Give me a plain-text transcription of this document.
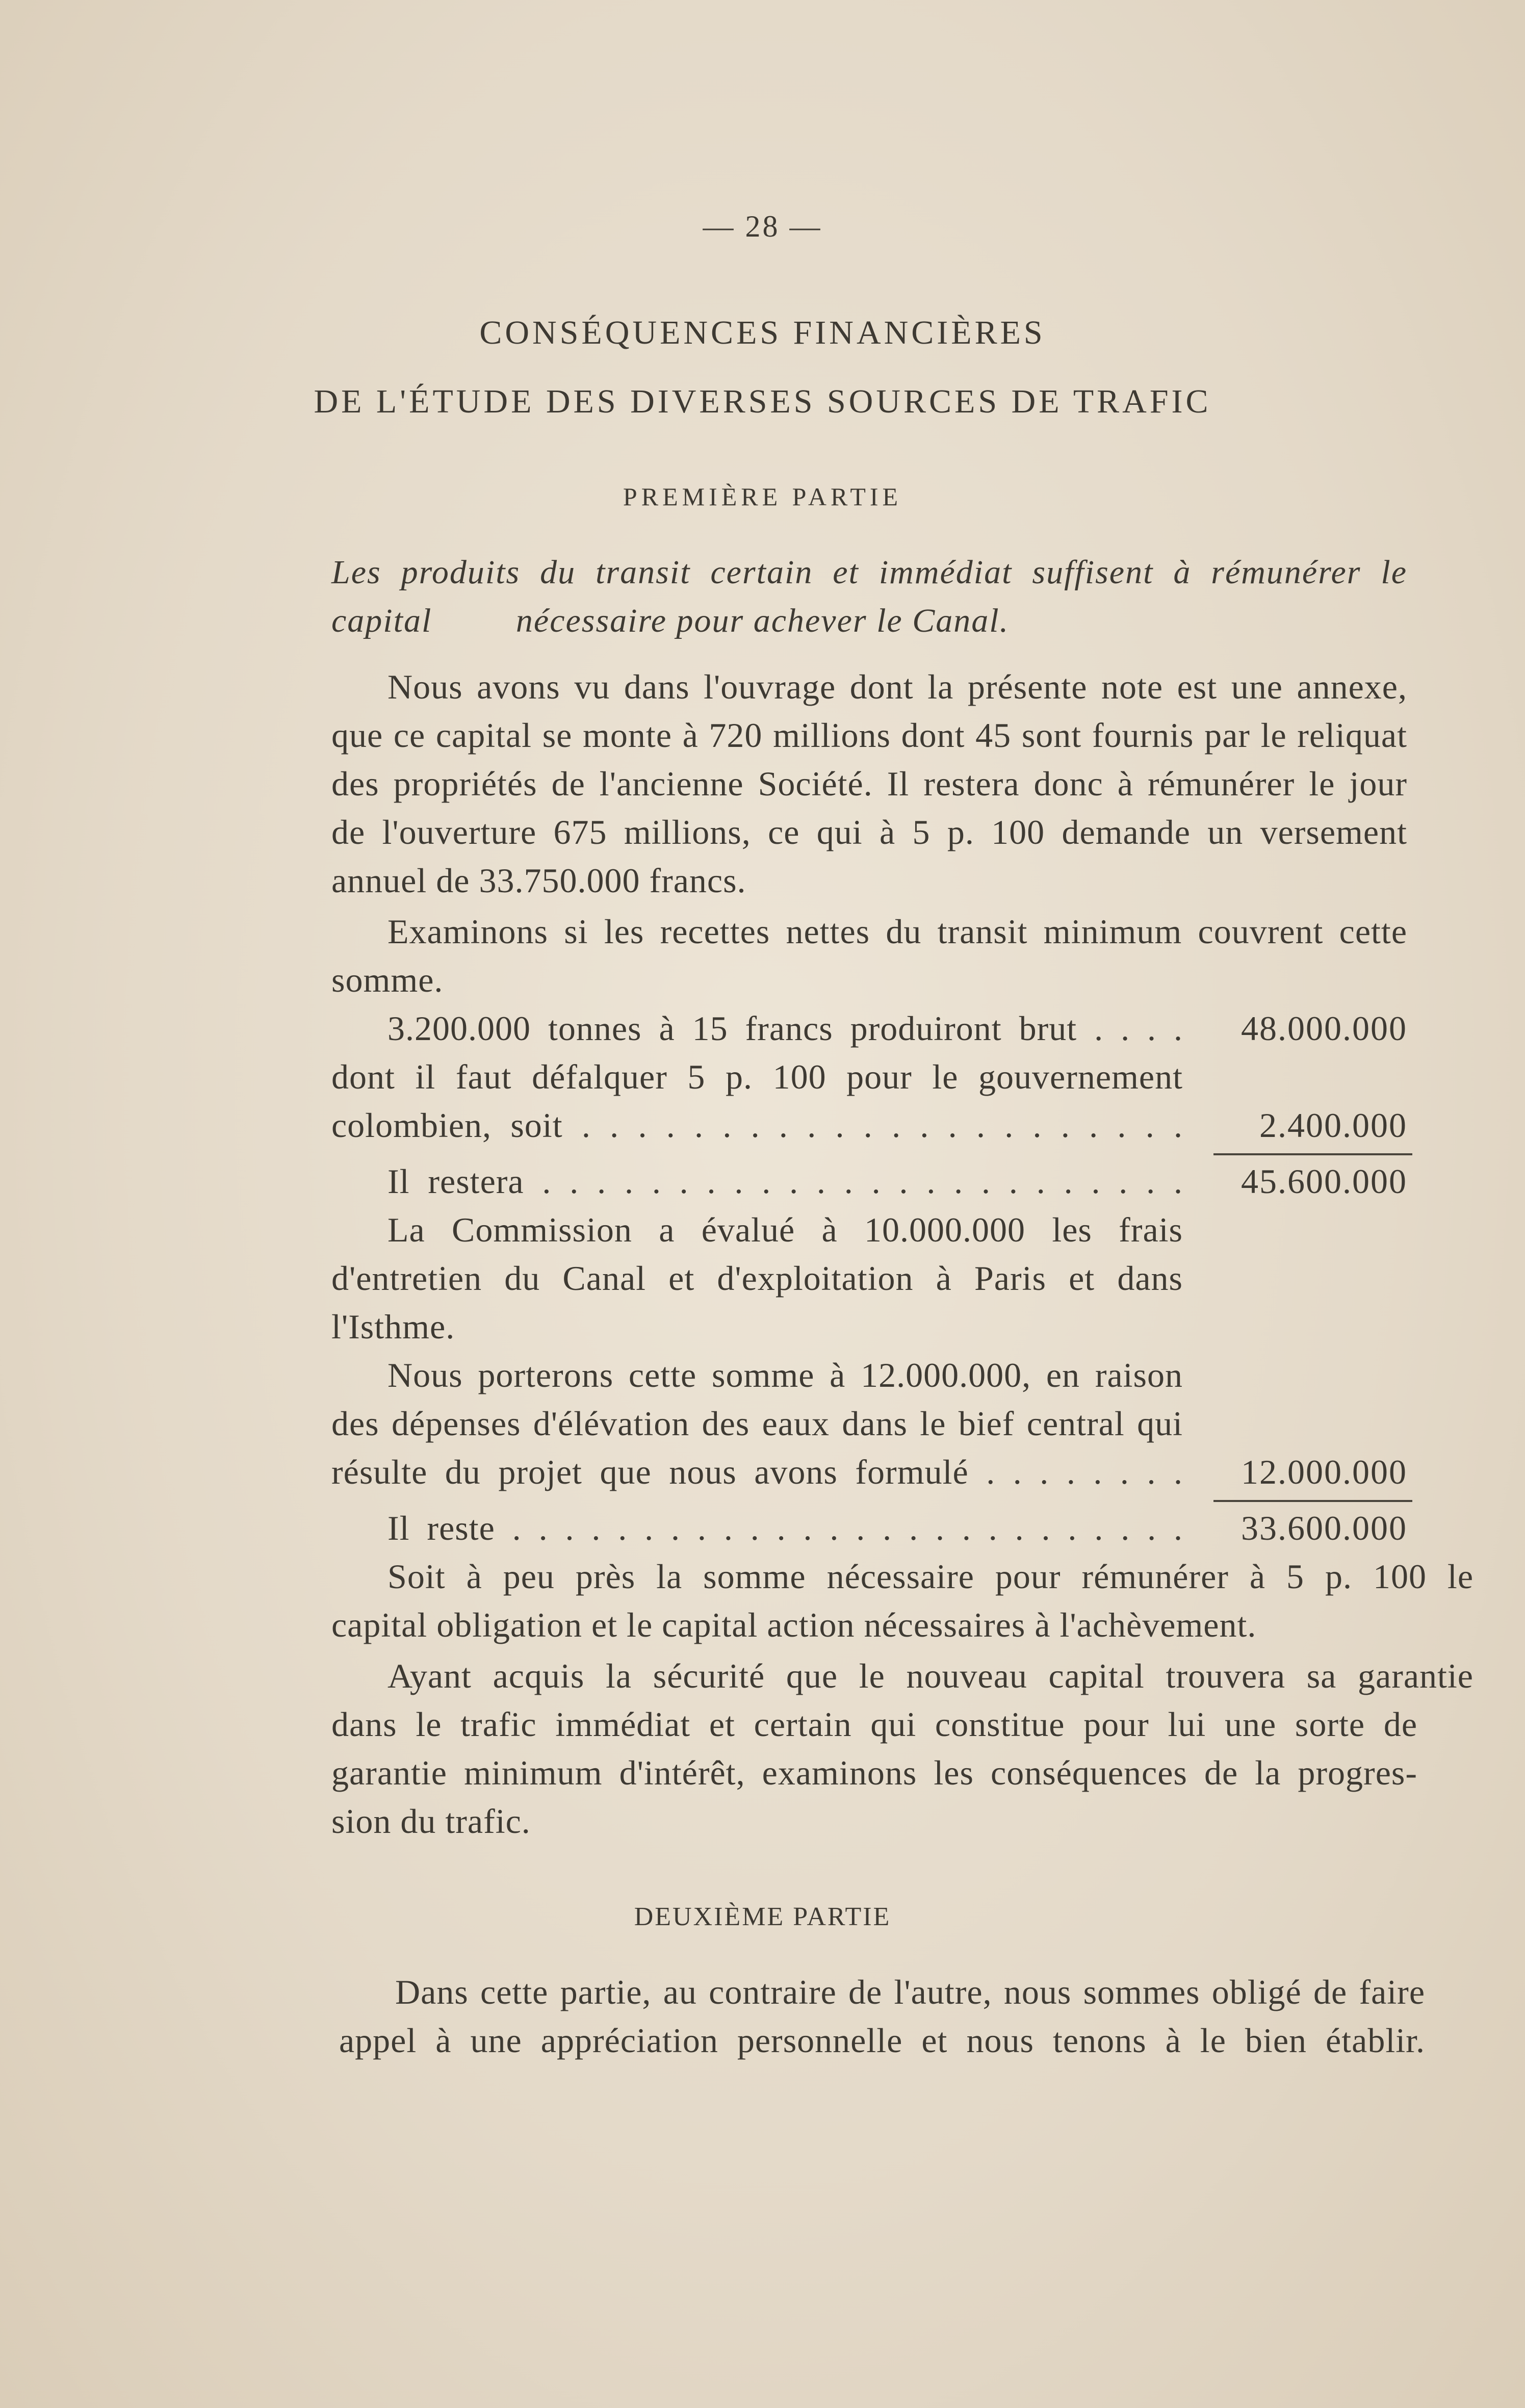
— 28 —
CONSÉQUENCES FINANCIÈRES
DE L'ÉTUDE DES DIVERSES SOURCES DE TRAFIC
PREMIÈRE PARTIE
Les produits du transit certain et immédiat suffisent à rémunérer le capital	nécessaire pour achever le Canal.
Nous avons vu dans l'ouvrage dont la présente note est une annexe,
que ce capital se monte à 720 millions dont 45 sont fournis par le reliquat
des propriétés de l'ancienne Société. Il restera donc à rémunérer le jour
de l'ouverture 675 millions, ce qui à 5 p. 100 demande un versement
annuel de 33.750.000 francs.
Examinons si les recettes nettes du transit minimum couvrent cette
somme.
3.200.000 tonnes à 15 francs produiront brut . . . .	48.000.000
dont il faut défalquer 5 p. 100 pour le gouvernement
colombien, soit . . . . . . . . . . . . . . . . . . . . . .	2.400.000
Il restera . . . . . . . . . . . . . . . . . . . . . . . .	45.600.000
La Commission a évalué à 10.000.000 les frais
d'entretien du Canal et d'exploitation à Paris et dans
l'Isthme.
Nous porterons cette somme à 12.000.000, en raison
des dépenses d'élévation des eaux dans le bief central qui
résulte du projet que nous avons formulé . . . . . . . .	12.000.000
Il reste . . . . . . . . . . . . . . . . . . . . . . . . . .	33.600.000
Soit à peu près la somme nécessaire pour rémunérer à 5 p. 100 le
capital obligation et le capital action nécessaires à l'achèvement.
Ayant acquis la sécurité que le nouveau capital trouvera sa garantie
dans le trafic immédiat et certain qui constitue pour lui une sorte de
garantie minimum d'intérêt, examinons les conséquences de la progres-
sion du trafic.
DEUXIÈME PARTIE
Dans cette partie, au contraire de l'autre, nous sommes obligé de faire
appel à une appréciation personnelle et nous tenons à le bien établir.
